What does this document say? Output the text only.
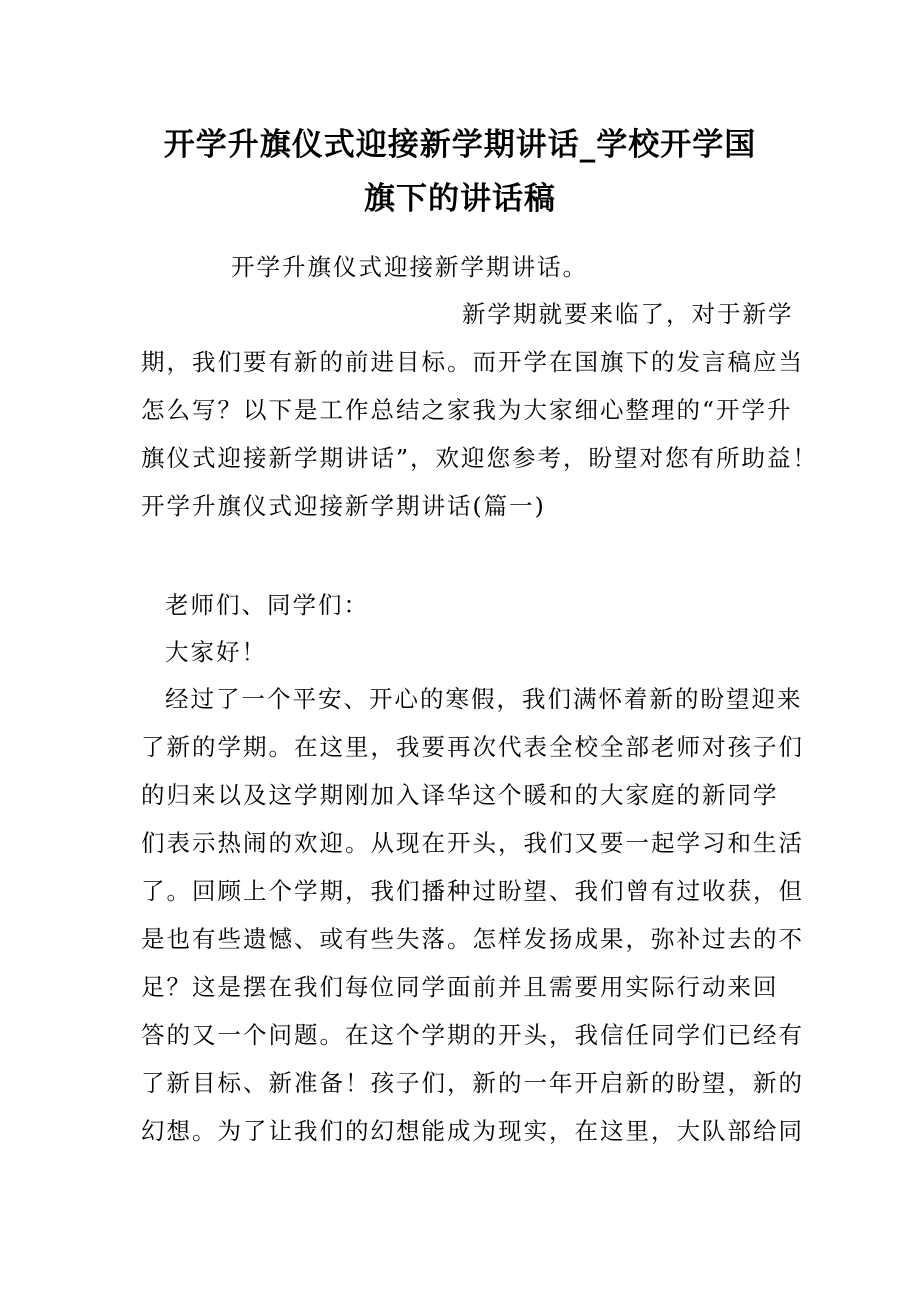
开学升旗仪式迎接新学期讲话_学校开学国
旗下的讲话稿
开学升旗仪式迎接新学期讲话。
新学期就要来临了，对于新学
期，我们要有新的前进目标。而开学在国旗下的发言稿应当
怎么写？以下是工作总结之家我为大家细心整理的“开学升
旗仪式迎接新学期讲话”，欢迎您参考，盼望对您有所助益！
开学升旗仪式迎接新学期讲话(篇一)
老师们、同学们：
大家好！
经过了一个平安、开心的寒假，我们满怀着新的盼望迎来
了新的学期。在这里，我要再次代表全校全部老师对孩子们
的归来以及这学期刚加入译华这个暖和的大家庭的新同学
们表示热闹的欢迎。从现在开头，我们又要一起学习和生活
了。回顾上个学期，我们播种过盼望、我们曾有过收获，但
是也有些遗憾、或有些失落。怎样发扬成果，弥补过去的不
足？这是摆在我们每位同学面前并且需要用实际行动来回
答的又一个问题。在这个学期的开头，我信任同学们已经有
了新目标、新准备！孩子们，新的一年开启新的盼望，新的
幻想。为了让我们的幻想能成为现实，在这里，大队部给同
